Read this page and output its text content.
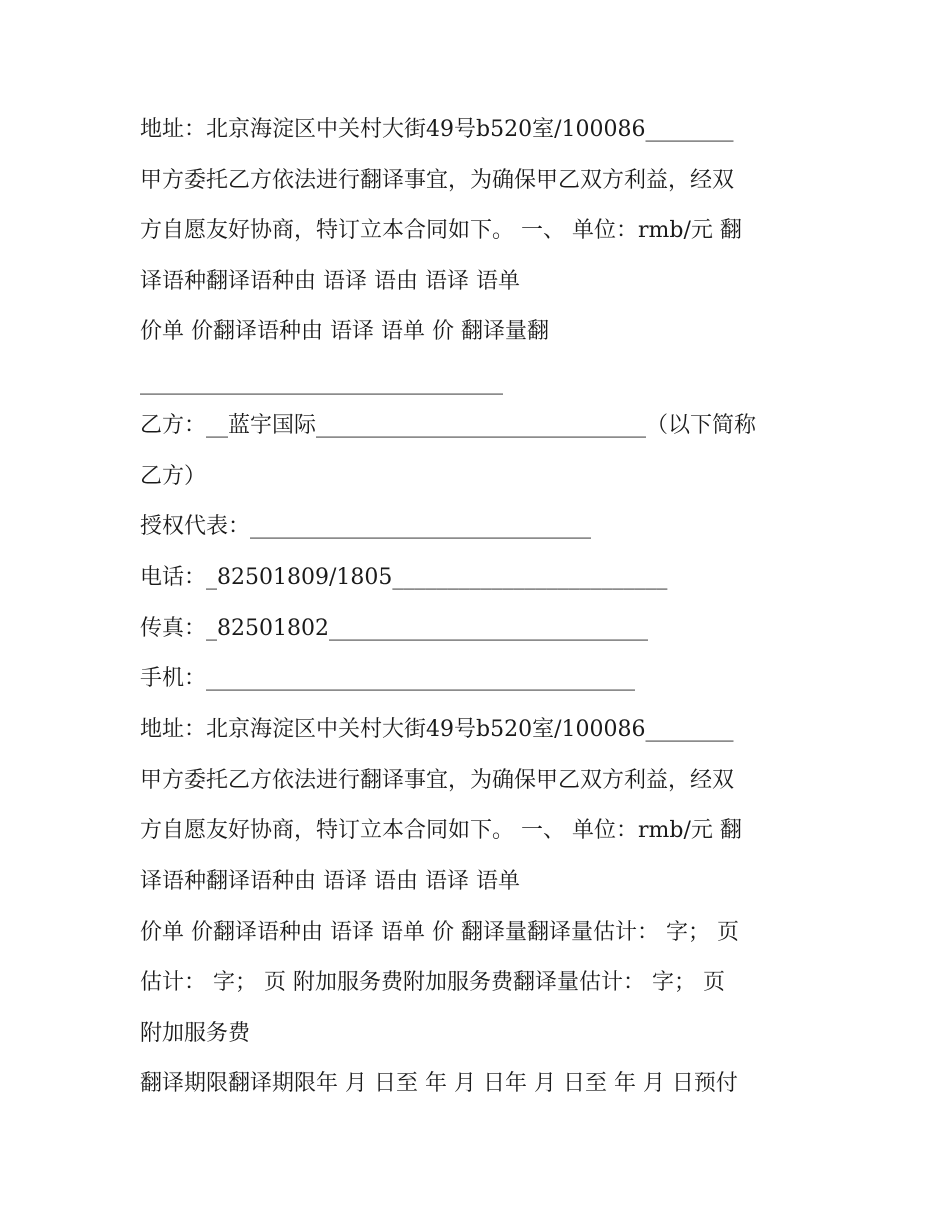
地址：北京海淀区中关村大街49号b520室/100086________
甲方委托乙方依法进行翻译事宜，为确保甲乙双方利益，经双
方自愿友好协商，特订立本合同如下。 一、 单位：rmb/元 翻
译语种翻译语种由 语译 语由 语译 语单
价单 价翻译语种由 语译 语单 价 翻译量翻
_________________________________
乙方：__蓝宇国际______________________________（以下简称
乙方）
授权代表：_______________________________
电话：_82501809/1805_________________________
传真：_82501802_____________________________
手机：_______________________________________
地址：北京海淀区中关村大街49号b520室/100086________
甲方委托乙方依法进行翻译事宜，为确保甲乙双方利益，经双
方自愿友好协商，特订立本合同如下。 一、 单位：rmb/元 翻
译语种翻译语种由 语译 语由 语译 语单
价单 价翻译语种由 语译 语单 价 翻译量翻译量估计： 字； 页
估计： 字； 页 附加服务费附加服务费翻译量估计： 字； 页
附加服务费
翻译期限翻译期限年 月 日至 年 月 日年 月 日至 年 月 日预付
